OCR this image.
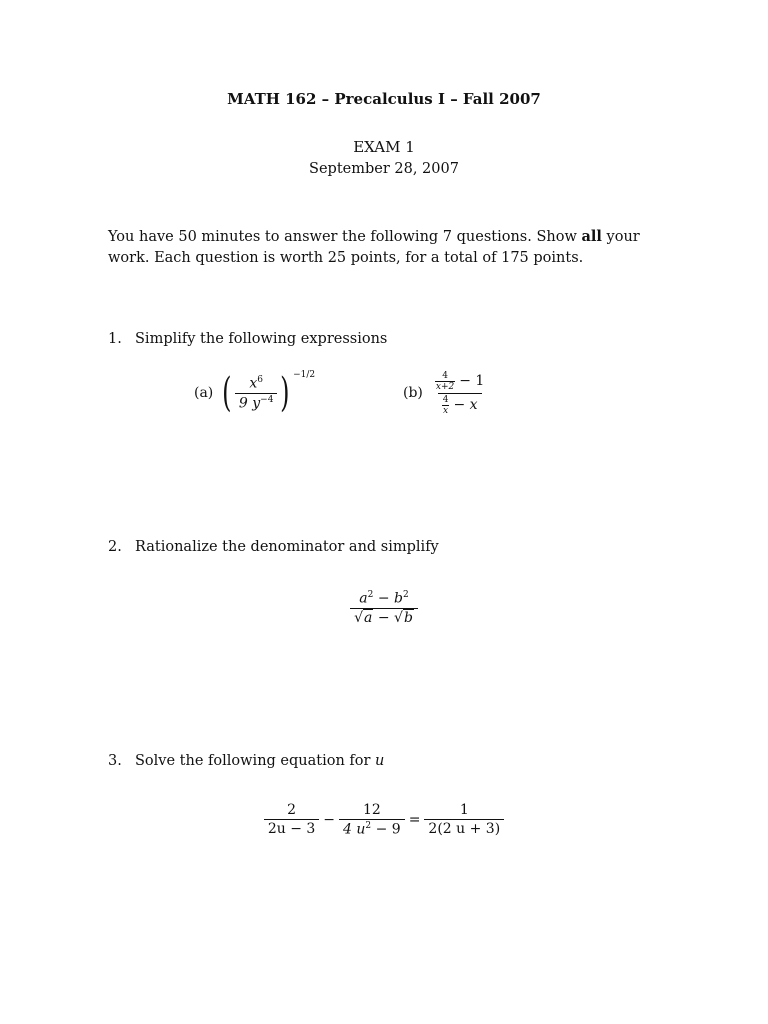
MATH 162 – Precalculus I – Fall 2007
EXAM 1
September 28, 2007
You have 50 minutes to answer the following 7 questions. Show all your work. Each question is worth 25 points, for a total of 175 points.
1. Simplify the following expressions
(a) ( $\frac{x^6}{9 y^{-4}}$ ) $^{-1/2}$
$(b) \frac{\frac{4}{x+2} - 1}{\frac{4}{x} - x}$
2. Rationalize the denominator and simplify
$\frac{a^2 - b^2}{√a - √b}$
3. Solve the following equation for u
$\frac{2}{2u - 3} - \frac{12}{4 u^2 - 9} = \frac{1}{2(2 u + 3)}$
